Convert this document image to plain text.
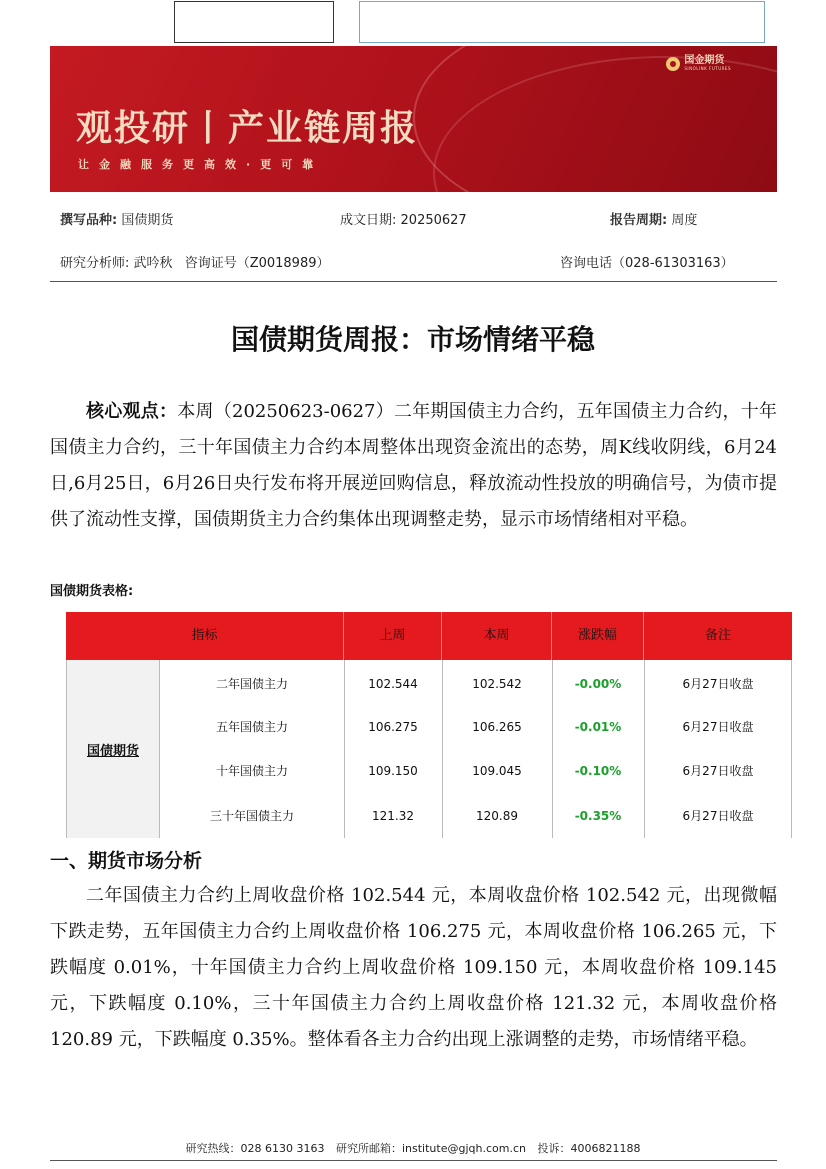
国金期货
SINOLINK FUTURES
观投研丨产业链周报
让金融服务更高效·更可靠
撰写品种: 国债期货	成文日期: 20250627	报告周期: 周度
研究分析师: 武吟秋 咨询证号（Z0018989）	咨询电话（028-61303163）
国债期货周报：市场情绪平稳
核心观点：本周（20250623-0627）二年期国债主力合约，五年国债主力合约，十年国债主力合约，三十年国债主力合约本周整体出现资金流出的态势，周K线收阴线，6月24日,6月25日，6月26日央行发布将开展逆回购信息，释放流动性投放的明确信号，为债市提供了流动性支撑，国债期货主力合约集体出现调整走势，显示市场情绪相对平稳。
国债期货表格:
指标	上周	本周	涨跌幅	备注
国债期货
二年国债主力	102.544	102.542	-0.00%	6月27日收盘
五年国债主力	106.275	106.265	-0.01%	6月27日收盘
十年国债主力	109.150	109.045	-0.10%	6月27日收盘
三十年国债主力	121.32	120.89	-0.35%	6月27日收盘
一、期货市场分析
二年国债主力合约上周收盘价格 102.544 元，本周收盘价格 102.542 元，出现微幅下跌走势，五年国债主力合约上周收盘价格 106.275 元，本周收盘价格 106.265 元，下跌幅度 0.01%，十年国债主力合约上周收盘价格 109.150 元，本周收盘价格 109.145 元，下跌幅度 0.10%，三十年国债主力合约上周收盘价格 121.32 元，本周收盘价格 120.89 元，下跌幅度 0.35%。整体看各主力合约出现上涨调整的走势，市场情绪平稳。
研究热线：028 6130 3163 研究所邮箱：institute@gjqh.com.cn 投诉：4006821188
